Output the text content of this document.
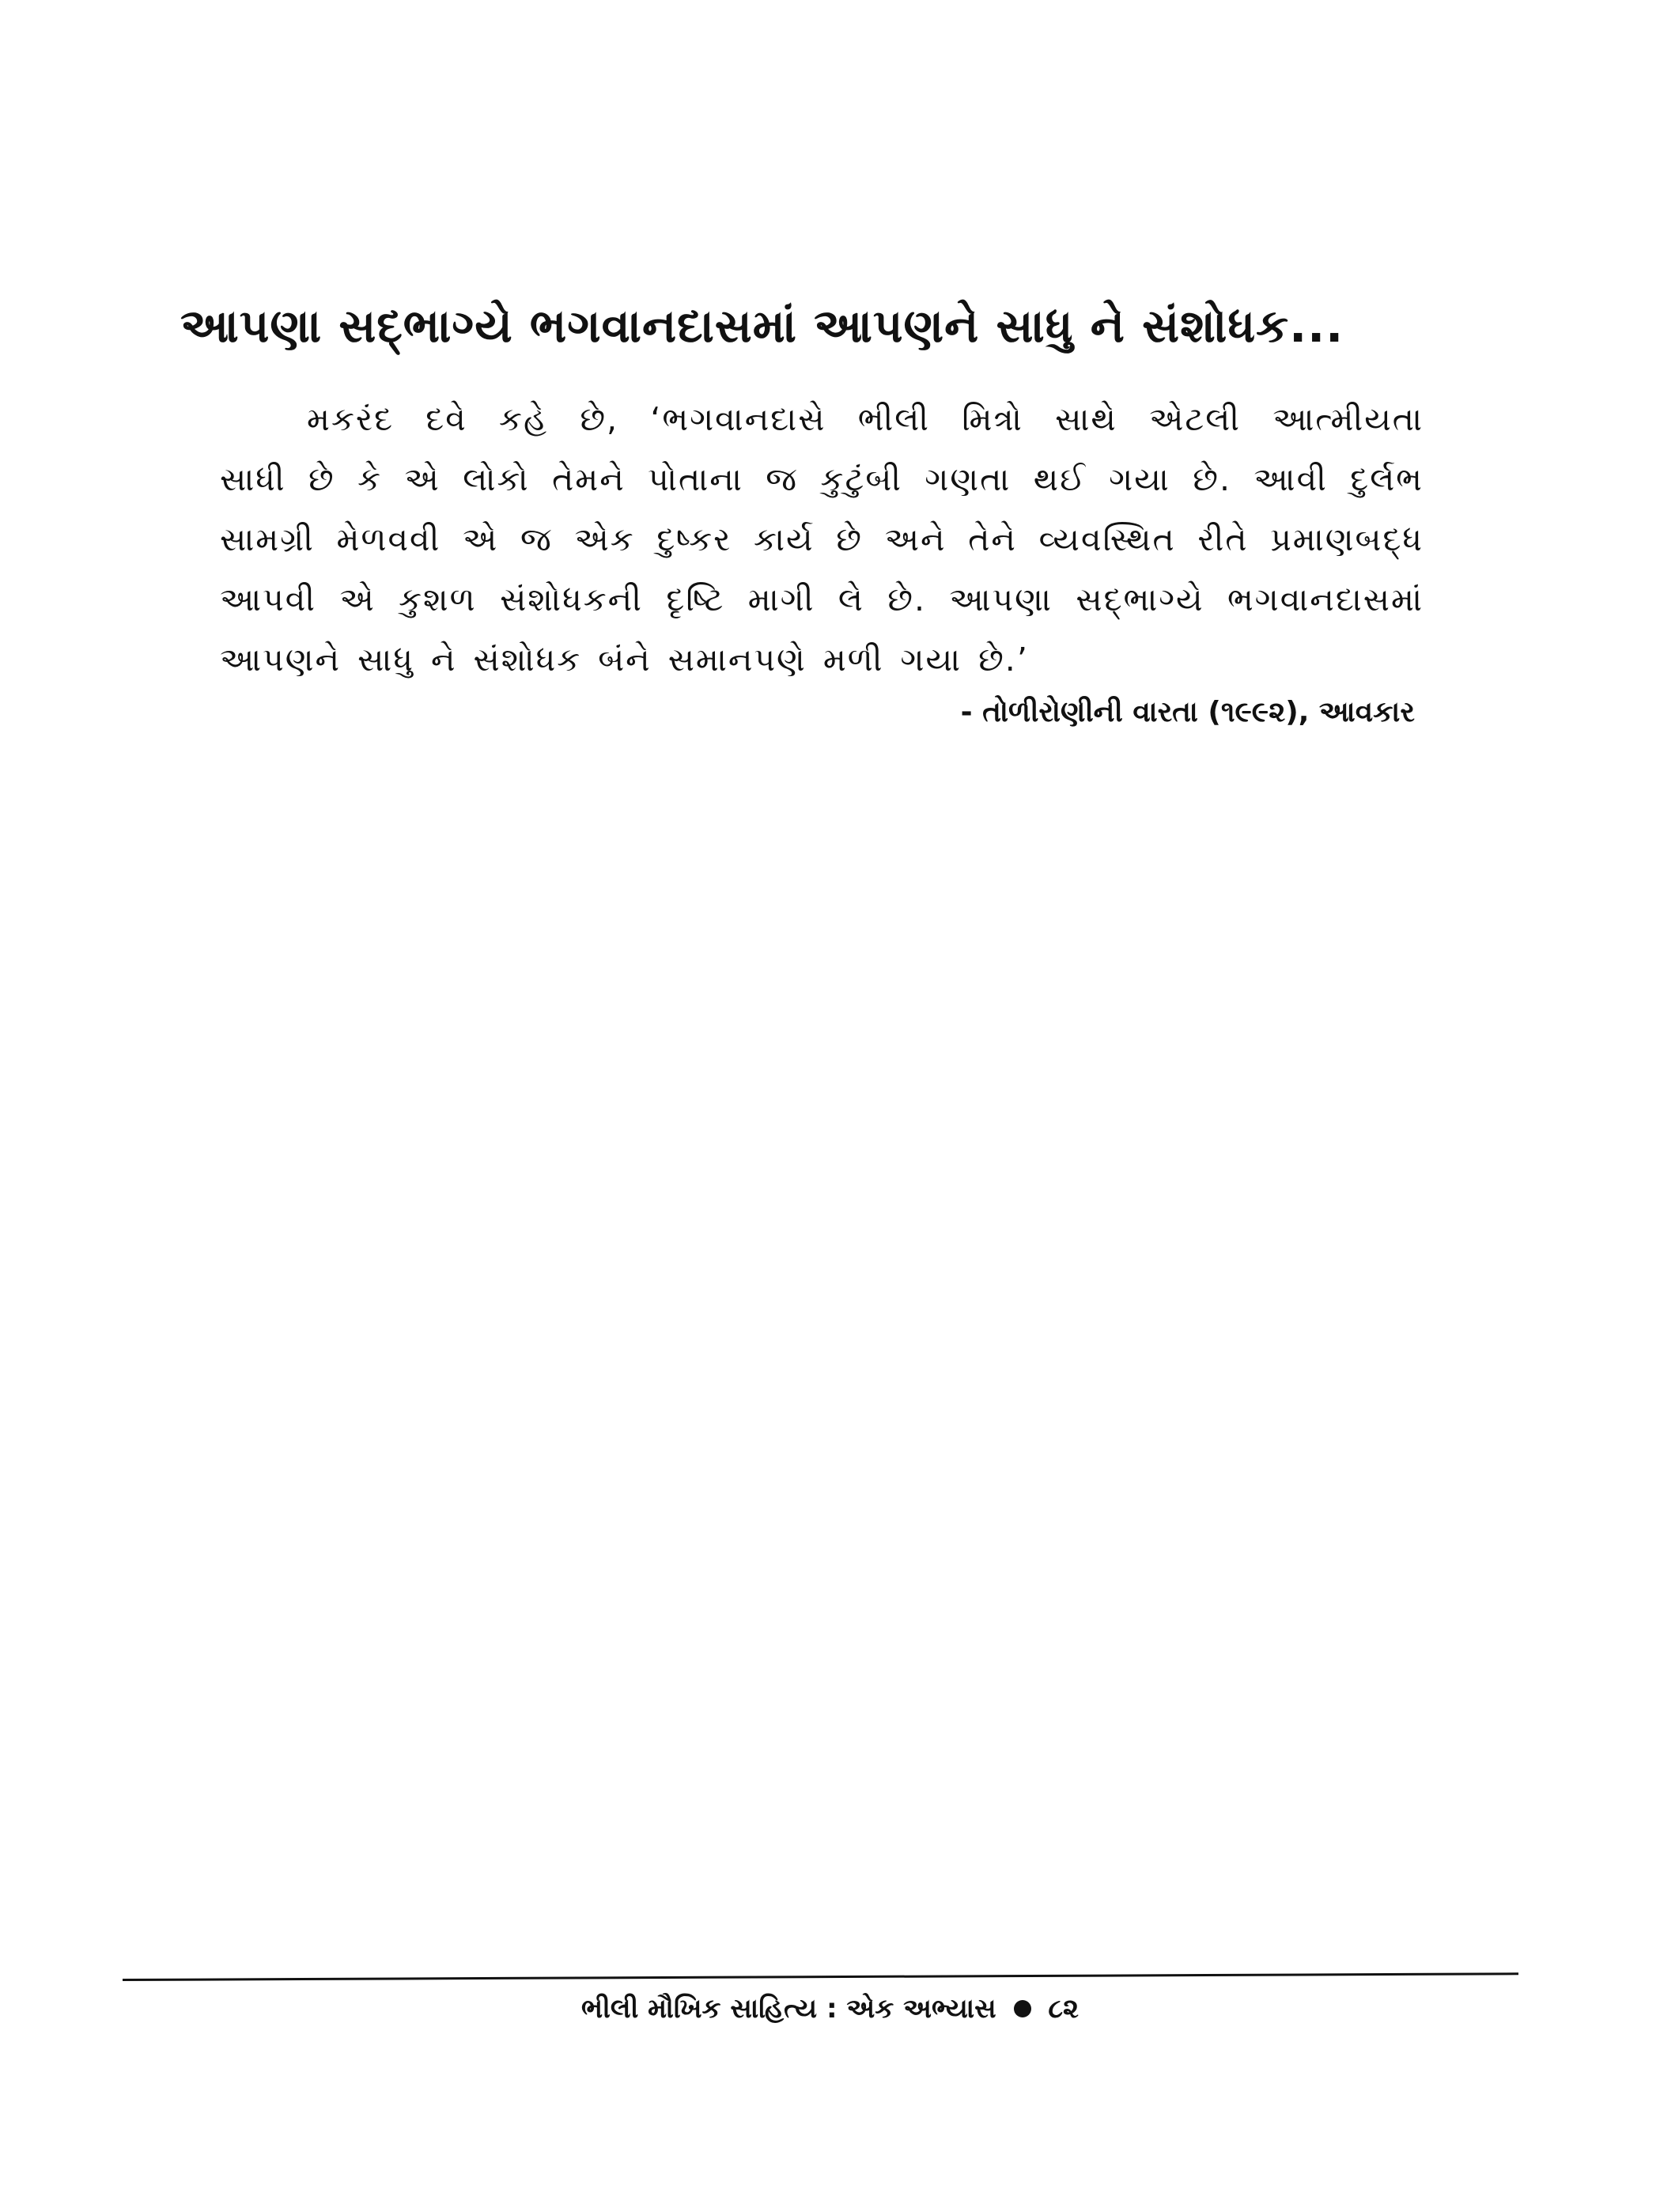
આપણા સદ્‌ભાગ્યે ભગવાનદાસમાં આપણને સાધુ ને સંશોધક...
મકરંદ દવે કહે છે, ‘ભગવાનદાસે ભીલી મિત્રો સાથે એટલી આત્મીયતા
સાધી છે કે એ લોકો તેમને પોતાના જ કુટુંબી ગણતા થઈ ગયા છે. આવી દુર્લભ
સામગ્રી મેળવવી એ જ એક દુષ્કર કાર્ય છે અને તેને વ્યવસ્થિત રીતે પ્રમાણબદ્ધ
આપવી એ કુશળ સંશોધકની દૃષ્ટિ માગી લે છે. આપણા સદ્‌ભાગ્યે ભગવાનદાસમાં
આપણને સાધુ ને સંશોધક બંને સમાનપણે મળી ગયા છે.’
- તોળીરોણીની વારતા (૧૯૯૨), આવકાર
ભીલી મૌખિક સાહિત્ય : એક અભ્યાસ ૮૨
